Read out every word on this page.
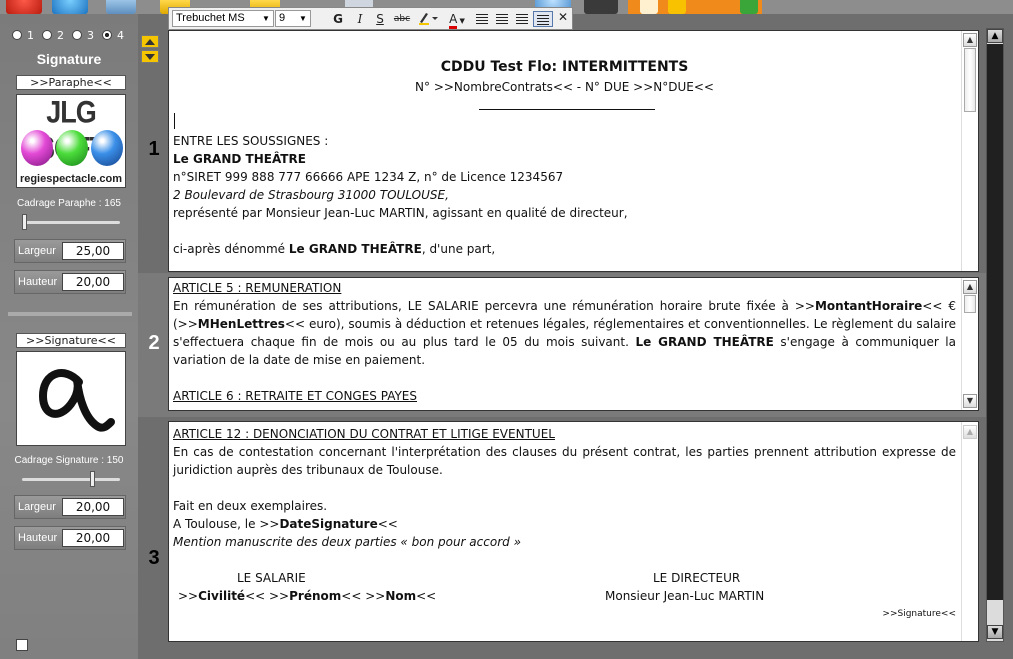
1 2 3 4
Signature
>>Paraphe<<
JLG
regiespectacle.com
Cadrage Paraphe : 165
Largeur	25,00
Hauteur	20,00
>>Signature<<
Cadrage Signature : 150
Largeur	20,00
Hauteur	20,00
1
2
3
CDDU Test Flo: INTERMITTENTS
N° >>NombreContrats<< - N° DUE >>N°DUE<<
ENTRE LES SOUSSIGNES :
Le GRAND THEÂTRE
n°SIRET 999 888 777 66666 APE 1234 Z, n° de Licence 1234567
2 Boulevard de Strasbourg 31000 TOULOUSE,
représenté par Monsieur Jean-Luc MARTIN, agissant en qualité de directeur,
ci-après dénommé Le GRAND THEÂTRE, d'une part,
▲
ARTICLE 5 : REMUNERATION
En rémunération de ses attributions, LE SALARIE percevra une rémunération horaire brute fixée à >>MontantHoraire<< € (>>MHenLettres<< euro), soumis à déduction et retenues légales, réglementaires et conventionnelles. Le règlement du salaire s'effectuera chaque fin de mois ou au plus tard le 05 du mois suivant. Le GRAND THEÂTRE s'engage à communiquer la variation de la date de mise en paiement.
ARTICLE 6 : RETRAITE ET CONGES PAYES
▲
▼
ARTICLE 12 : DENONCIATION DU CONTRAT ET LITIGE EVENTUEL
En cas de contestation concernant l'interprétation des clauses du présent contrat, les parties prennent attribution expresse de juridiction auprès des tribunaux de Toulouse.
Fait en deux exemplaires.
A Toulouse, le >>DateSignature<<
Mention manuscrite des deux parties « bon pour accord »
LE SALARIE	LE DIRECTEUR
>>Civilité<< >>Prénom<< >>Nom<<	Monsieur Jean-Luc MARTIN
>>Signature<<
▲
▲
▼
Trebuchet MS ▼ 9 ▼ G	I	S	abc	A ▼	✕
